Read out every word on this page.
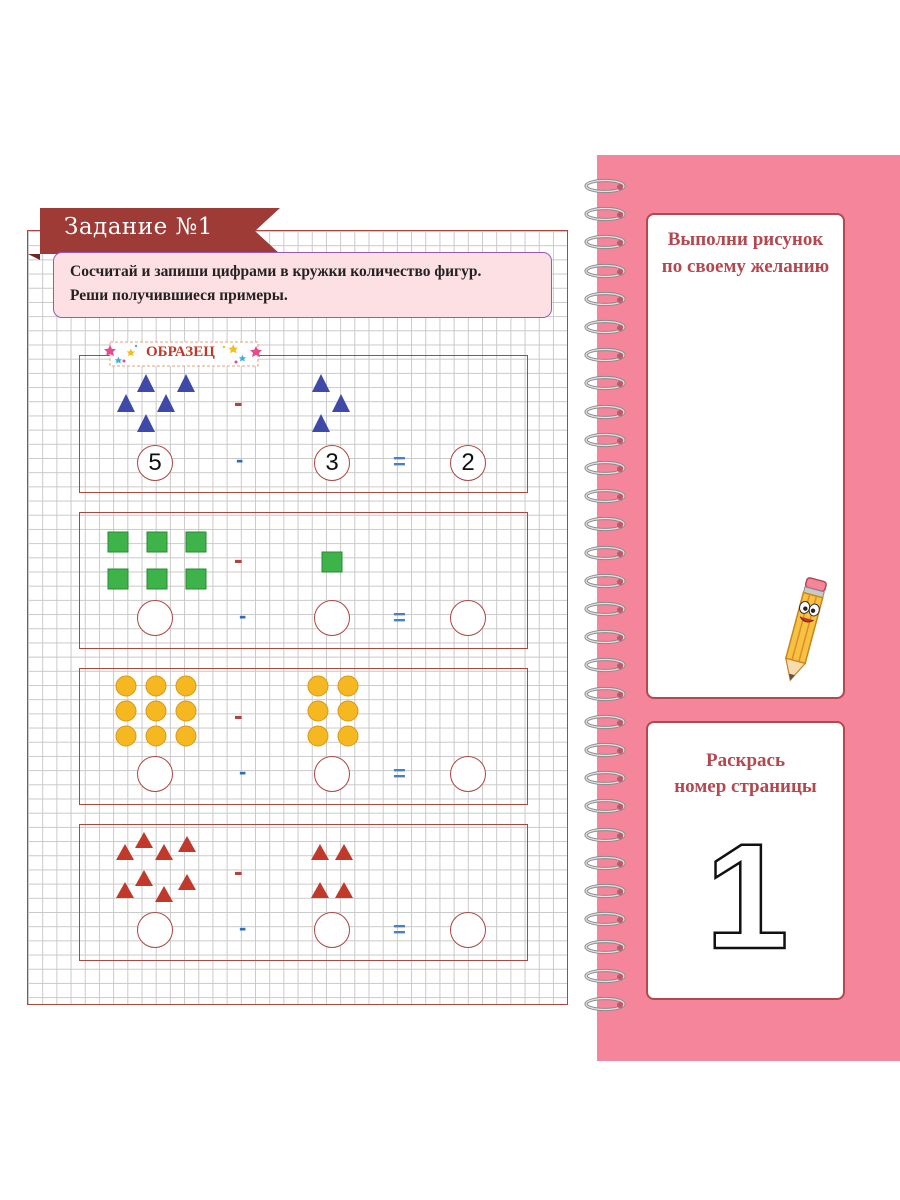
Задание №1
Сосчитай и запиши цифрами в кружки количество фигур.
Реши получившиеся примеры.
ОБРАЗЕЦ
-
-
-
-
5	-	3	=	2
-	=
-	=
-	=
Выполни рисунок
по своему желанию
Раскрась
номер страницы
1
